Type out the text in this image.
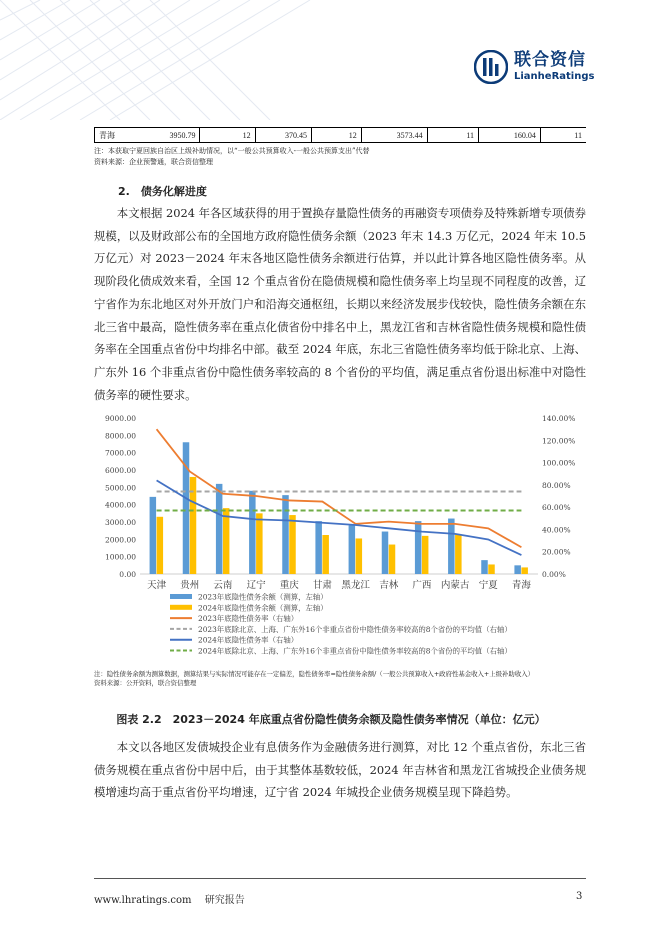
联合资信
LianheRatings
青海	3950.79	12	370.45	12	3573.44	11	160.04	11
注：本获取宁夏回族自治区上级补助情况，以“一般公共预算收入-一般公共预算支出”代替
资料来源：企业预警通，联合资信整理
2.　债务化解进度
本文根据 2024 年各区域获得的用于置换存量隐性债务的再融资专项债券及特殊新增专项债券规模，以及财政部公布的全国地方政府隐性债务余额（2023 年末 14.3 万亿元，2024 年末 10.5 万亿元）对 2023－2024 年末各地区隐性债务余额进行估算，并以此计算各地区隐性债务率。从现阶段化债成效来看，全国 12 个重点省份在隐债规模和隐性债务率上均呈现不同程度的改善，辽宁省作为东北地区对外开放门户和沿海交通枢纽，长期以来经济发展步伐较快，隐性债务余额在东北三省中最高，隐性债务率在重点化债省份中排名中上，黑龙江省和吉林省隐性债务规模和隐性债务率在全国重点省份中均排名中部。截至 2024 年底，东北三省隐性债务率均低于除北京、上海、广东外 16 个非重点省份中隐性债务率较高的 8 个省份的平均值，满足重点省份退出标准中对隐性债务率的硬性要求。
0.00
1000.00
2000.00
3000.00
4000.00
5000.00
6000.00
7000.00
8000.00
9000.00
0.00%
20.00%
40.00%
60.00%
80.00%
100.00%
120.00%
140.00%
天津 贵州 云南 辽宁 重庆 甘肃 黑龙江 吉林 广西 内蒙古 宁夏 青海
2023年底隐性债务余额（测算，左轴）
2024年底隐性债务余额（测算，左轴）
2023年底隐性债务率（右轴）
2023年底除北京、上海、广东外16个非重点省份中隐性债务率较高的8个省份的平均值（右轴）
2024年底隐性债务率（右轴）
2024年底除北京、上海、广东外16个非重点省份中隐性债务率较高的8个省份的平均值（右轴）
注：隐性债务余额为测算数据，测算结果与实际情况可能存在一定偏差，隐性债务率=隐性债务余额/（一般公共预算收入+政府性基金收入+上级补助收入）
资料来源：公开资料，联合资信整理
图表 2.2　2023－2024 年底重点省份隐性债务余额及隐性债务率情况（单位：亿元）
本文以各地区发债城投企业有息债务作为金融债务进行测算，对比 12 个重点省份，东北三省债务规模在重点省份中居中后，由于其整体基数较低，2024 年吉林省和黑龙江省城投企业债务规模增速均高于重点省份平均增速，辽宁省 2024 年城投企业债务规模呈现下降趋势。
www.lhratings.com　 研究报告	3
